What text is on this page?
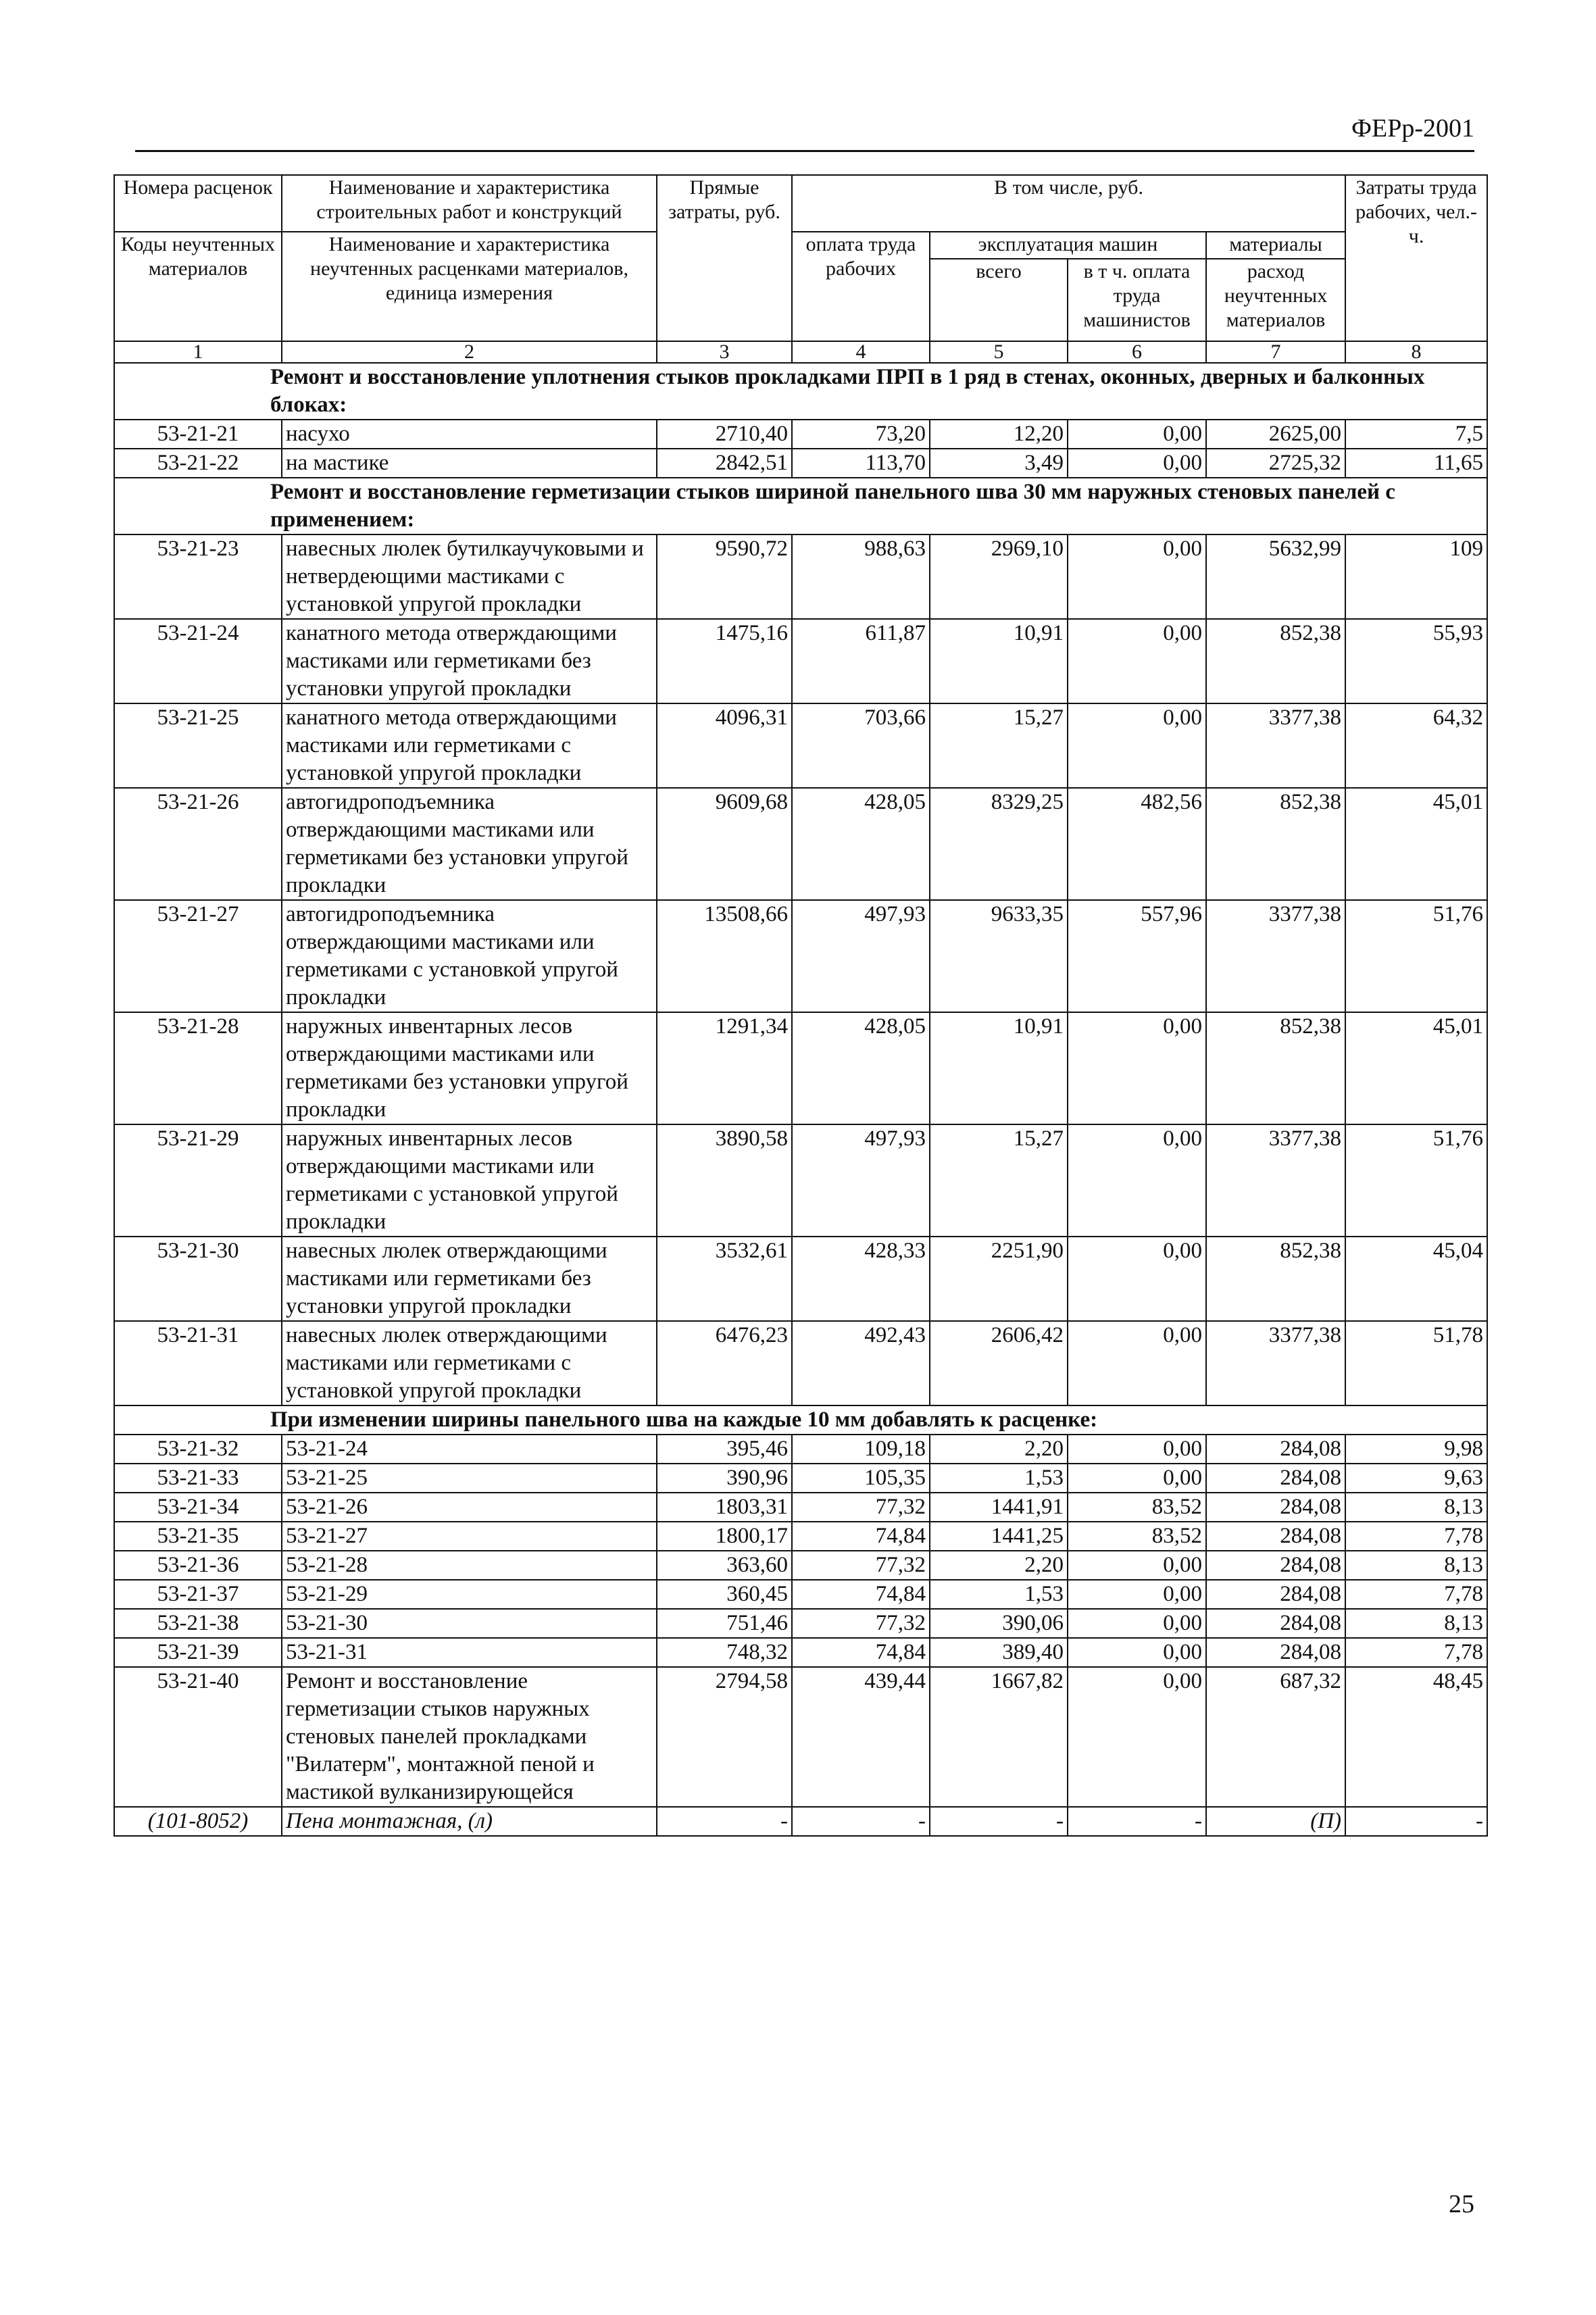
ФЕРр-2001
Номера расценок	Наименование и характеристика строительных работ и конструкций	Прямые затраты, руб.	В том числе, руб.				Затраты труда рабочих, чел.-ч.
Коды неучтенных материалов	Наименование и характеристика неучтенных расценками материалов, единица измерения		оплата труда рабочих	эксплуатация машин		материалы	
				всего	в т ч. оплата труда машинистов	расход неучтенных материалов	

1	2	3	4	5	6	7	8
Ремонт и восстановление уплотнения стыков прокладками ПРП в 1 ряд в стенах, оконных, дверных и балконных блоках:							
53-21-21	насухо	2710,40	73,20	12,20	0,00	2625,00	7,5
53-21-22	на мастике	2842,51	113,70	3,49	0,00	2725,32	11,65
Ремонт и восстановление герметизации стыков шириной панельного шва 30 мм наружных стеновых панелей с применением:							
53-21-23	навесных люлек бутилкаучуковыми и нетвердеющими мастиками с установкой упругой прокладки	9590,72	988,63	2969,10	0,00	5632,99	109
53-21-24	канатного метода отверждающими мастиками или герметиками без установки упругой прокладки	1475,16	611,87	10,91	0,00	852,38	55,93
53-21-25	канатного метода отверждающими мастиками или герметиками с установкой упругой прокладки	4096,31	703,66	15,27	0,00	3377,38	64,32
53-21-26	автогидроподъемника отверждающими мастиками или герметиками без установки упругой прокладки	9609,68	428,05	8329,25	482,56	852,38	45,01
53-21-27	автогидроподъемника отверждающими мастиками или герметиками с установкой упругой прокладки	13508,66	497,93	9633,35	557,96	3377,38	51,76
53-21-28	наружных инвентарных лесов отверждающими мастиками или герметиками без установки упругой прокладки	1291,34	428,05	10,91	0,00	852,38	45,01
53-21-29	наружных инвентарных лесов отверждающими мастиками или герметиками с установкой упругой прокладки	3890,58	497,93	15,27	0,00	3377,38	51,76
53-21-30	навесных люлек отверждающими мастиками или герметиками без установки упругой прокладки	3532,61	428,33	2251,90	0,00	852,38	45,04
53-21-31	навесных люлек отверждающими мастиками или герметиками с установкой упругой прокладки	6476,23	492,43	2606,42	0,00	3377,38	51,78
При изменении ширины панельного шва на каждые 10 мм добавлять к расценке:							
53-21-32	53-21-24	395,46	109,18	2,20	0,00	284,08	9,98
53-21-33	53-21-25	390,96	105,35	1,53	0,00	284,08	9,63
53-21-34	53-21-26	1803,31	77,32	1441,91	83,52	284,08	8,13
53-21-35	53-21-27	1800,17	74,84	1441,25	83,52	284,08	7,78
53-21-36	53-21-28	363,60	77,32	2,20	0,00	284,08	8,13
53-21-37	53-21-29	360,45	74,84	1,53	0,00	284,08	7,78
53-21-38	53-21-30	751,46	77,32	390,06	0,00	284,08	8,13
53-21-39	53-21-31	748,32	74,84	389,40	0,00	284,08	7,78
53-21-40	Ремонт и восстановление герметизации стыков наружных стеновых панелей прокладками "Вилатерм", монтажной пеной и мастикой вулканизирующейся	2794,58	439,44	1667,82	0,00	687,32	48,45
(101-8052)	Пена монтажная, (л)	-	-	-	-	(П)	-
25
